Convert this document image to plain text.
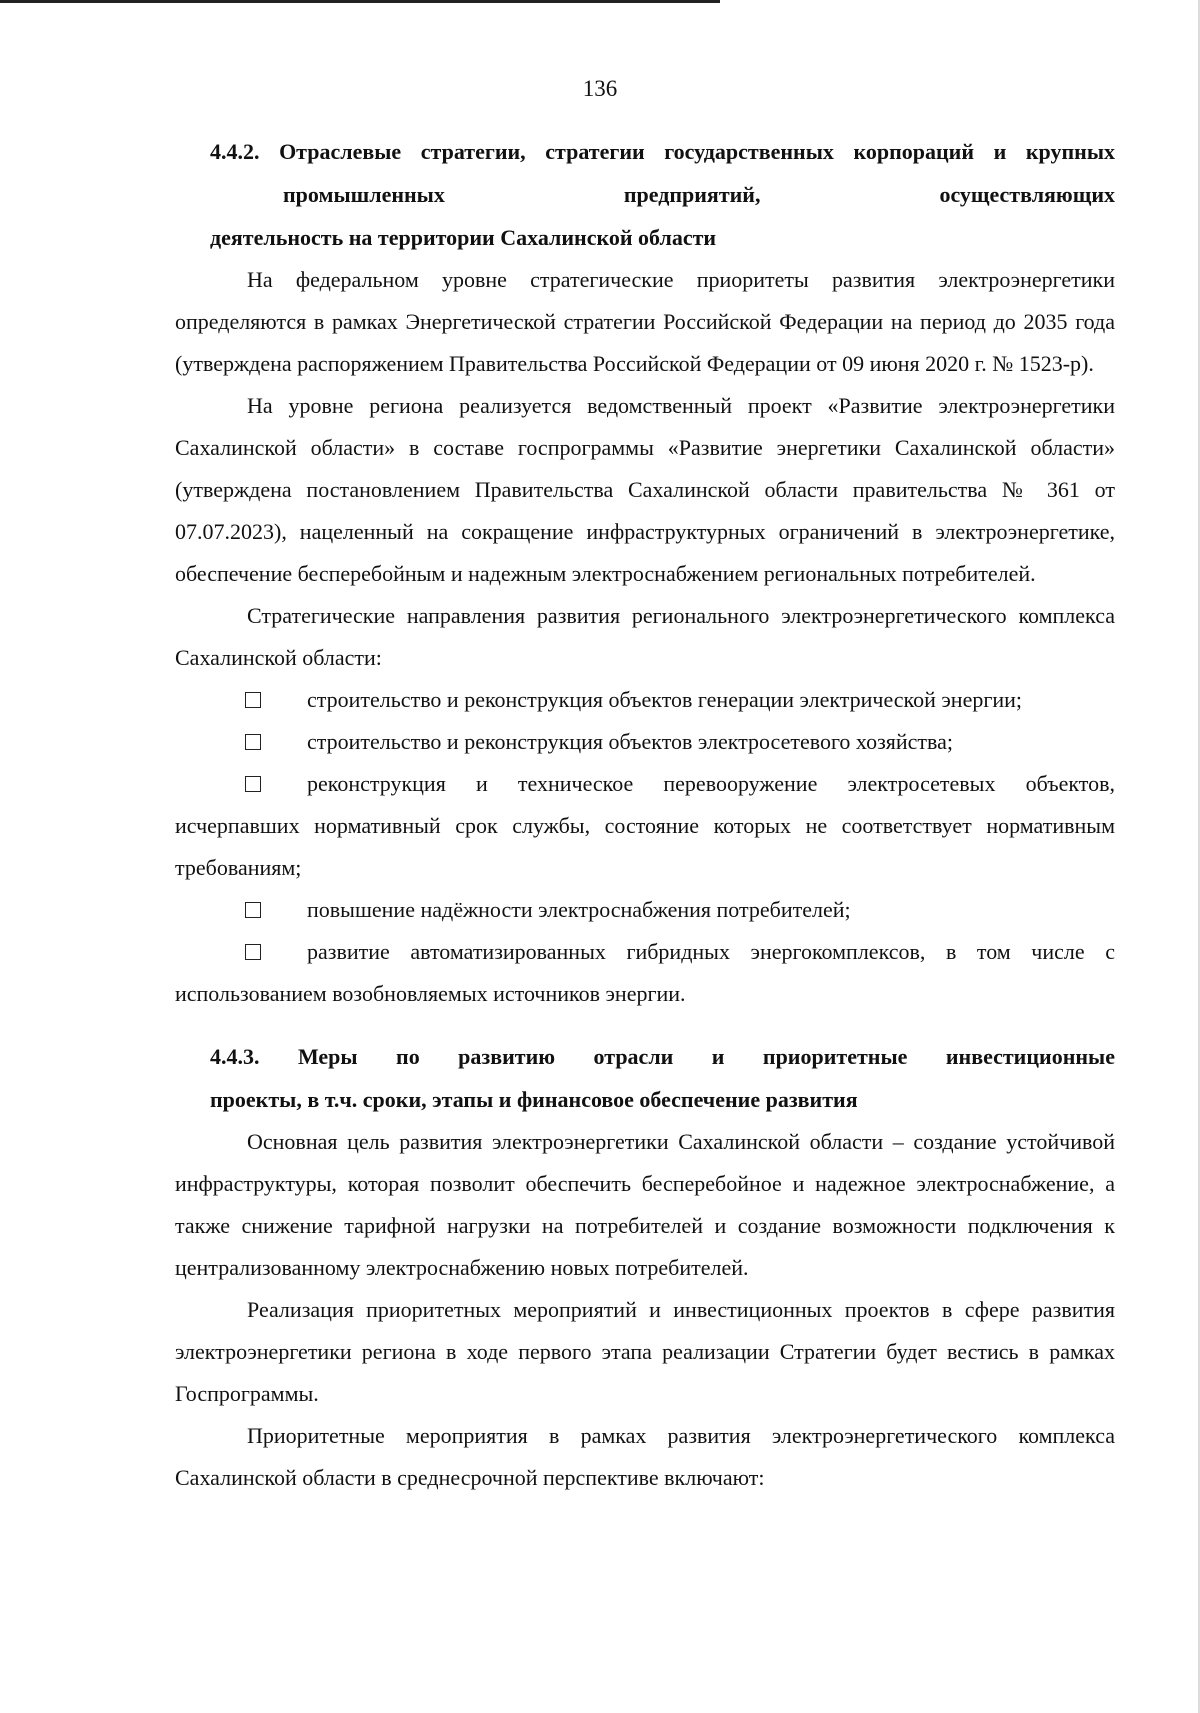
136
4.4.2. Отраслевые стратегии, стратегии государственных корпораций и крупных промышленных предприятий, осуществляющих
деятельность на территории Сахалинской области

На федеральном уровне стратегические приоритеты развития электроэнергетики определяются в рамках Энергетической стратегии Российской Федерации на период до 2035 года (утверждена распоряжением Правительства Российской Федерации от 09 июня 2020 г. № 1523-р).

На уровне региона реализуется ведомственный проект «Развитие электроэнергетики Сахалинской области» в составе госпрограммы «Развитие энергетики Сахалинской области» (утверждена постановлением Правительства Сахалинской области правительства № 361 от 07.07.2023), нацеленный на сокращение инфраструктурных ограничений в электроэнергетике, обеспечение бесперебойным и надежным электроснабжением региональных потребителей.

Стратегические направления развития регионального электроэнергетического комплекса Сахалинской области:

строительство и реконструкция объектов генерации электрической энергии;
строительство и реконструкция объектов электросетевого хозяйства;
реконструкция и техническое перевооружение электросетевых объектов, исчерпавших нормативный срок службы, состояние которых не соответствует нормативным требованиям;
повышение надёжности электроснабжения потребителей;
развитие автоматизированных гибридных энергокомплексов, в том числе с использованием возобновляемых источников энергии.
4.4.3. Меры по развитию отрасли и приоритетные инвестиционные
проекты, в т.ч. сроки, этапы и финансовое обеспечение развития

Основная цель развития электроэнергетики Сахалинской области – создание устойчивой инфраструктуры, которая позволит обеспечить бесперебойное и надежное электроснабжение, а также снижение тарифной нагрузки на потребителей и создание возможности подключения к централизованному электроснабжению новых потребителей.

Реализация приоритетных мероприятий и инвестиционных проектов в сфере развития электроэнергетики региона в ходе первого этапа реализации Стратегии будет вестись в рамках Госпрограммы.

Приоритетные мероприятия в рамках развития электроэнергетического комплекса Сахалинской области в среднесрочной перспективе включают:
